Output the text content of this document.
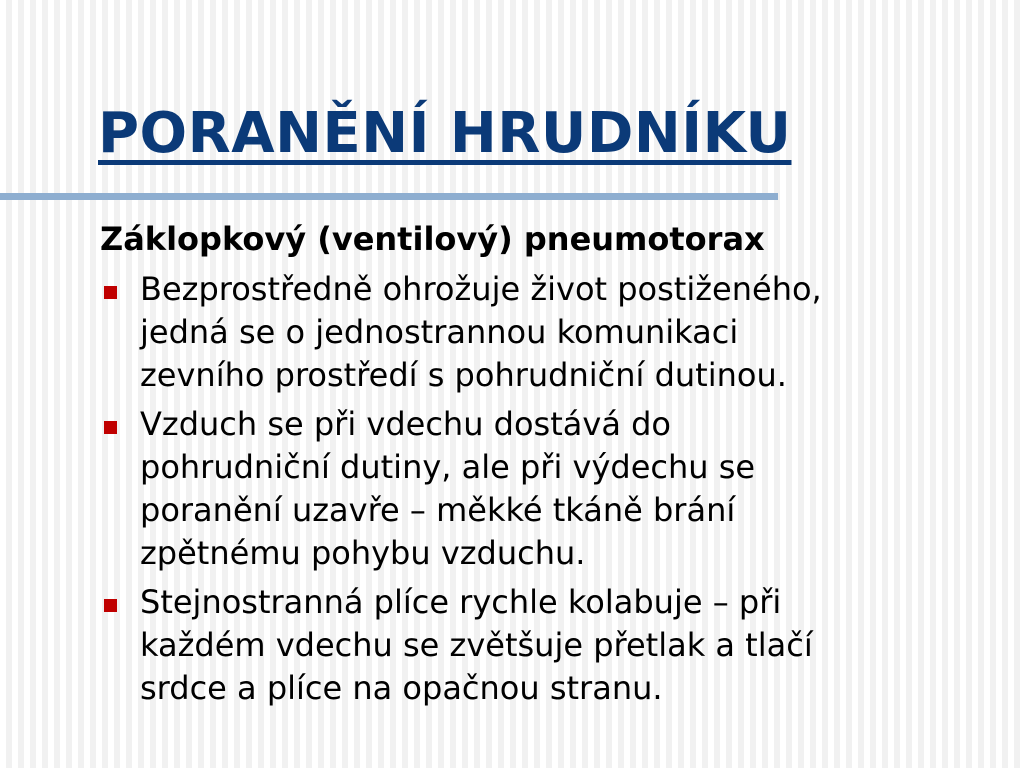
PORANĚNÍ HRUDNÍKU
Záklopkový (ventilový) pneumotorax
Bezprostředně ohrožuje život postiženého,
jedná se o jednostrannou komunikaci
zevního prostředí s pohrudniční dutinou.
Vzduch se při vdechu dostává do
pohrudniční dutiny, ale při výdechu se
poranění uzavře – měkké tkáně brání
zpětnému pohybu vzduchu.
Stejnostranná plíce rychle kolabuje – při
každém vdechu se zvětšuje přetlak a tlačí
srdce a plíce na opačnou stranu.
